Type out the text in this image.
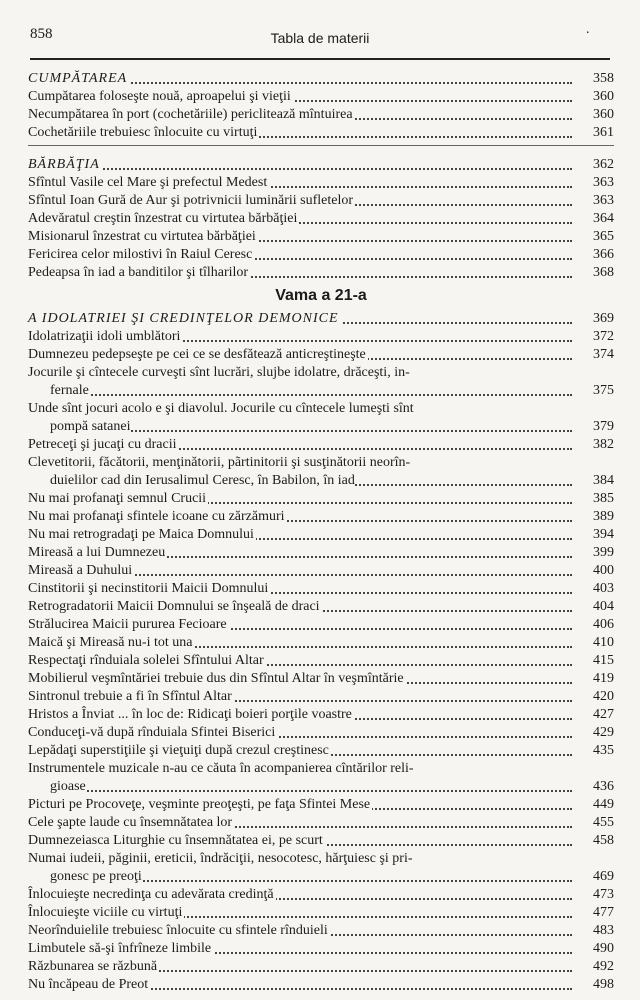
858	Tabla de materii	·
CUMPĂTAREA	358
Cumpătarea foloseşte nouă, aproapelui şi vieţii	360
Necumpătarea în port (cochetăriile) periclitează mîntuirea	360
Cochetăriile trebuiesc înlocuite cu virtuţi	361
BĂRBĂŢIA	362
Sfîntul Vasile cel Mare şi prefectul Medest	363
Sfîntul Ioan Gură de Aur şi potrivnicii luminării sufletelor	363
Adevăratul creştin înzestrat cu virtutea bărbăţiei	364
Misionarul înzestrat cu virtutea bărbăţiei	365
Fericirea celor milostivi în Raiul Ceresc	366
Pedeapsa în iad a banditilor şi tîlharilor	368
Vama a 21-a
A IDOLATRIEI ŞI CREDINŢELOR DEMONICE	369
Idolatrizaţii idoli umblători	372
Dumnezeu pedepseşte pe cei ce se desfătează anticreştineşte	374
Jocurile şi cîntecele curveşti sînt lucrări, slujbe idolatre, drăceşti, in-
fernale	375
Unde sînt jocuri acolo e şi diavolul. Jocurile cu cîntecele lumeşti sînt
pompă satanei	379
Petreceţi şi jucaţi cu dracii	382
Clevetitorii, făcătorii, menţinătorii, pãrtinitorii şi susţinătorii neorîn-
duielilor cad din Ierusalimul Ceresc, în Babilon, în iad	384
Nu mai profanaţi semnul Crucii	385
Nu mai profanaţi sfintele icoane cu zărzămuri	389
Nu mai retrogradaţi pe Maica Domnului	394
Mireasă a lui Dumnezeu	399
Mireasă a Duhului	400
Cinstitorii şi necinstitorii Maicii Domnului	403
Retrogradatorii Maicii Domnului se înşeală de draci	404
Strălucirea Maicii pururea Fecioare	406
Maică şi Mireasă nu-i tot una	410
Respectaţi rînduiala solelei Sfîntului Altar	415
Mobilierul veşmîntăriei trebuie dus din Sfîntul Altar în veşmîntărie	419
Sintronul trebuie a fi în Sfîntul Altar	420
Hristos a Înviat ... în loc de: Ridicaţi boieri porţile voastre	427
Conduceţi-vă după rînduiala Sfintei Biserici	429
Lepădaţi superstiţiile şi vieţuiţi după crezul creştinesc	435
Instrumentele muzicale n-au ce căuta în acompanierea cîntărilor reli-
gioase	436
Picturi pe Procoveţe, veşminte preoţeşti, pe faţa Sfintei Mese	449
Cele şapte laude cu însemnătatea lor	455
Dumnezeiasca Liturghie cu însemnătatea ei, pe scurt	458
Numai iudeii, păginii, ereticii, îndrăciţii, nesocotesc, hărţuiesc şi pri-
gonesc pe preoţi	469
Înlocuieşte necredinţa cu adevărata credinţă	473
Înlocuieşte viciile cu virtuţi	477
Neorînduielile trebuiesc înlocuite cu sfintele rînduieli	483
Limbutele să-şi înfrîneze limbile	490
Răzbunarea se răzbună	492
Nu încăpeau de Preot	498
